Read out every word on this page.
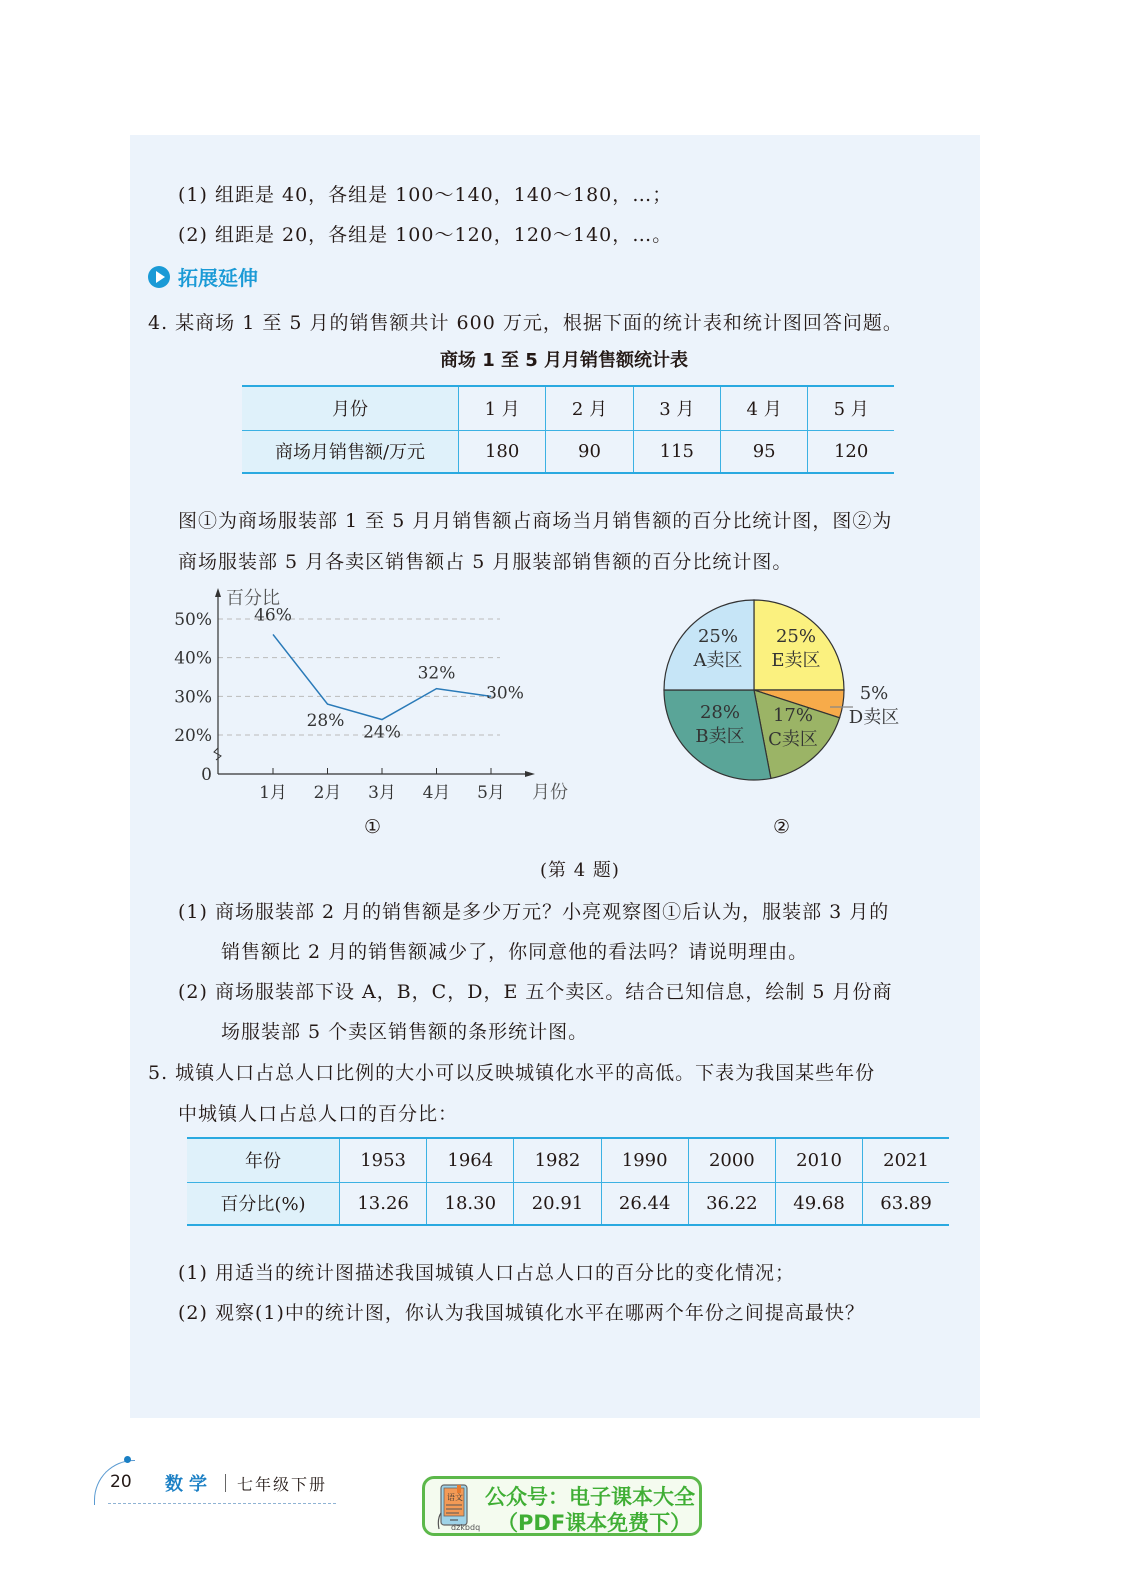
(1) 组距是 40，各组是 100～140，140～180，…；
(2) 组距是 20，各组是 100～120，120～140，…。
拓展延伸
4. 某商场 1 至 5 月的销售额共计 600 万元，根据下面的统计表和统计图回答问题。
商场 1 至 5 月月销售额统计表
月份	1 月	2 月	3 月	4 月	5 月
商场月销售额/万元	180	90	115	95	120
图①为商场服装部 1 至 5 月月销售额占商场当月销售额的百分比统计图，图②为
商场服装部 5 月各卖区销售额占 5 月服装部销售额的百分比统计图。
百分比
月份
0
20%
30%
40%
50%
1月 2月 3月 4月 5月
46%
28%
24%
32%
30%
①
25%
E卖区
5%
D卖区
17%
C卖区
28%
B卖区
25%
A卖区
②
(第 4 题)
(1) 商场服装部 2 月的销售额是多少万元？小亮观察图①后认为，服装部 3 月的
销售额比 2 月的销售额减少了，你同意他的看法吗？请说明理由。
(2) 商场服装部下设 A，B，C，D，E 五个卖区。结合已知信息，绘制 5 月份商
场服装部 5 个卖区销售额的条形统计图。
5. 城镇人口占总人口比例的大小可以反映城镇化水平的高低。下表为我国某些年份
中城镇人口占总人口的百分比：
年份	1953	1964	1982	1990	2000	2010	2021
百分比(%)	13.26	18.30	20.91	26.44	36.22	49.68	63.89
(1) 用适当的统计图描述我国城镇人口占总人口的百分比的变化情况；
(2) 观察(1)中的统计图，你认为我国城镇化水平在哪两个年份之间提高最快？
20 数学 七年级下册
语文
dzkbdq
公众号：电子课本大全
（PDF课本免费下）
